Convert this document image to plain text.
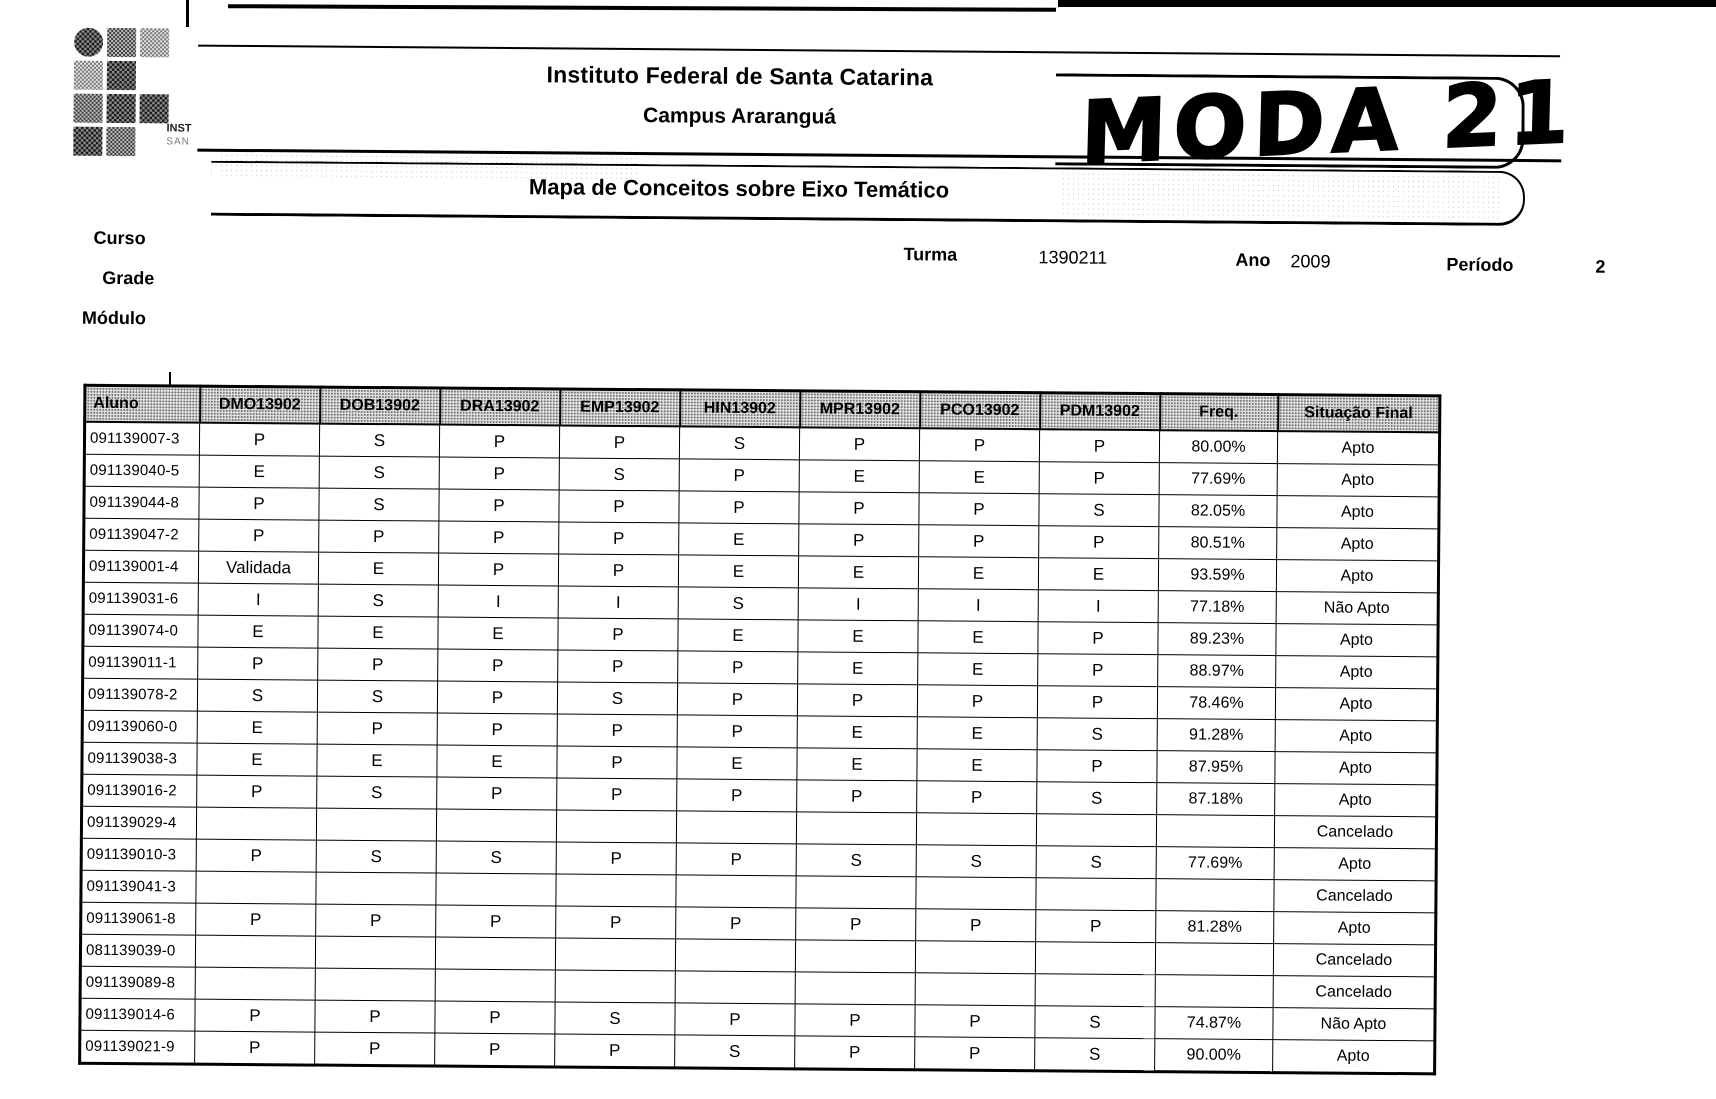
INST
SAN
Instituto Federal de Santa Catarina
Campus Araranguá
Mapa de Conceitos sobre Eixo Temático
Curso
Grade
Módulo
Turma	1390211	Ano 2009	Período	2
Aluno	DMO13902	DOB13902	DRA13902	EMP13902	HIN13902	MPR13902	PCO13902	PDM13902	Freq.	Situação Final
091139007-3	P	S	P	P	S	P	P	P	80.00%	Apto
091139040-5	E	S	P	S	P	E	E	P	77.69%	Apto
091139044-8	P	S	P	P	P	P	P	S	82.05%	Apto
091139047-2	P	P	P	P	E	P	P	P	80.51%	Apto
091139001-4	Validada	E	P	P	E	E	E	E	93.59%	Apto
091139031-6	I	S	I	I	S	I	I	I	77.18%	Não Apto
091139074-0	E	E	E	P	E	E	E	P	89.23%	Apto
091139011-1	P	P	P	P	P	E	E	P	88.97%	Apto
091139078-2	S	S	P	S	P	P	P	P	78.46%	Apto
091139060-0	E	P	P	P	P	E	E	S	91.28%	Apto
091139038-3	E	E	E	P	E	E	E	P	87.95%	Apto
091139016-2	P	S	P	P	P	P	P	S	87.18%	Apto
091139029-4										Cancelado
091139010-3	P	S	S	P	P	S	S	S	77.69%	Apto
091139041-3										Cancelado
091139061-8	P	P	P	P	P	P	P	P	81.28%	Apto
081139039-0										Cancelado
091139089-8										Cancelado
091139014-6	P	P	P	S	P	P	P	S	74.87%	Não Apto
091139021-9	P	P	P	P	S	P	P	S	90.00%	Apto
MODA 21
